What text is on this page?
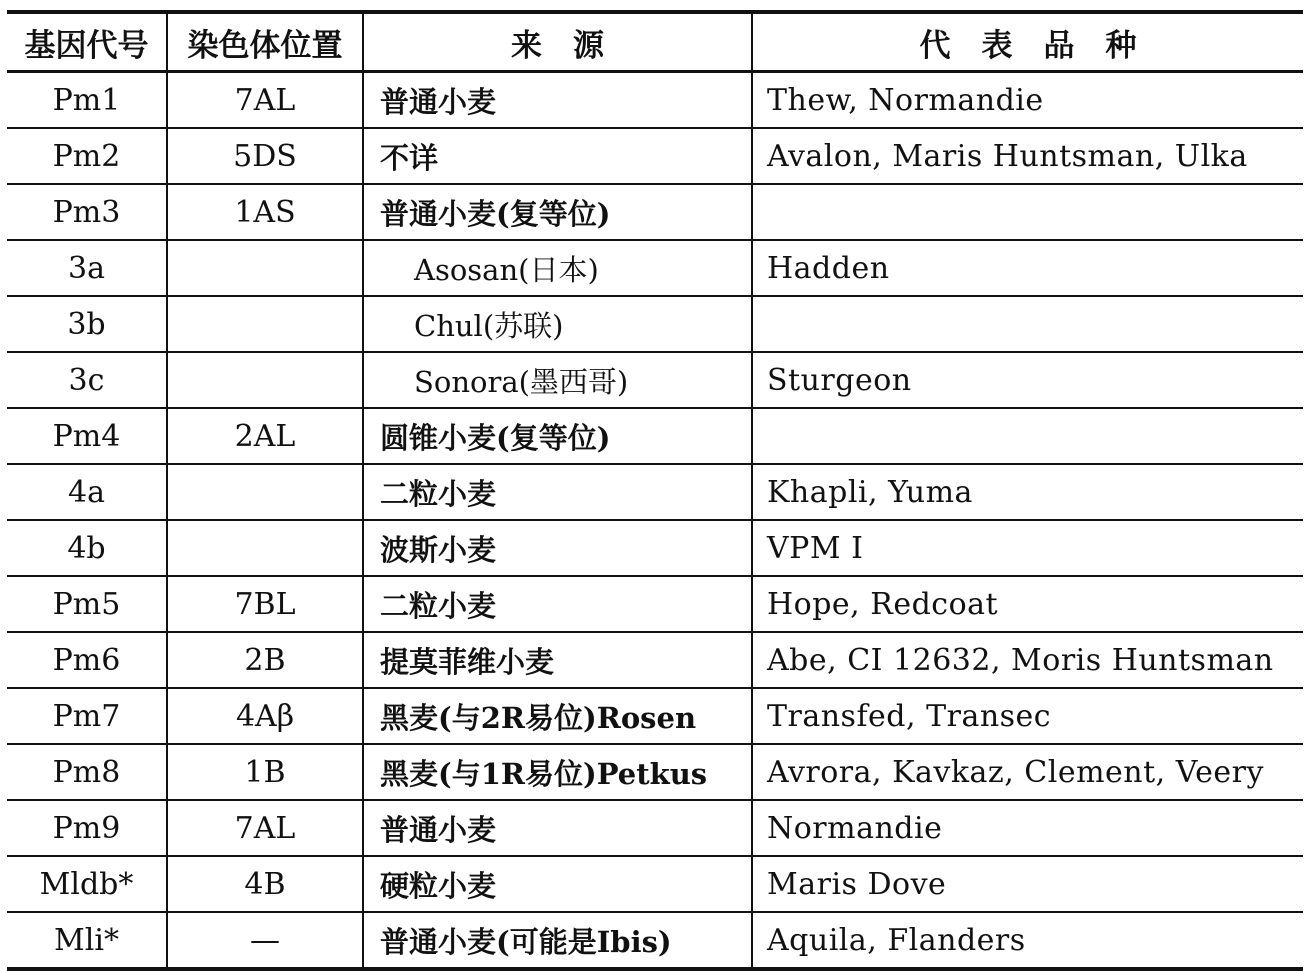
基因代号	染色体位置	来　源	代　表　品　种
Pm1	7AL	普通小麦	Thew, Normandie
Pm2	5DS	不详	Avalon, Maris Huntsman, Ulka
Pm3	1AS	普通小麦(复等位)	
3a		Asosan(日本)	Hadden
3b		Chul(苏联)	
3c		Sonora(墨西哥)	Sturgeon
Pm4	2AL	圆锥小麦(复等位)	
4a		二粒小麦	Khapli, Yuma
4b		波斯小麦	VPM I
Pm5	7BL	二粒小麦	Hope, Redcoat
Pm6	2B	提莫菲维小麦	Abe, CI 12632, Moris Huntsman
Pm7	4Aβ	黑麦(与2R易位)Rosen	Transfed, Transec
Pm8	1B	黑麦(与1R易位)Petkus	Avrora, Kavkaz, Clement, Veery
Pm9	7AL	普通小麦	Normandie
Mldb*	4B	硬粒小麦	Maris Dove
Mli*	—	普通小麦(可能是Ibis)	Aquila, Flanders
